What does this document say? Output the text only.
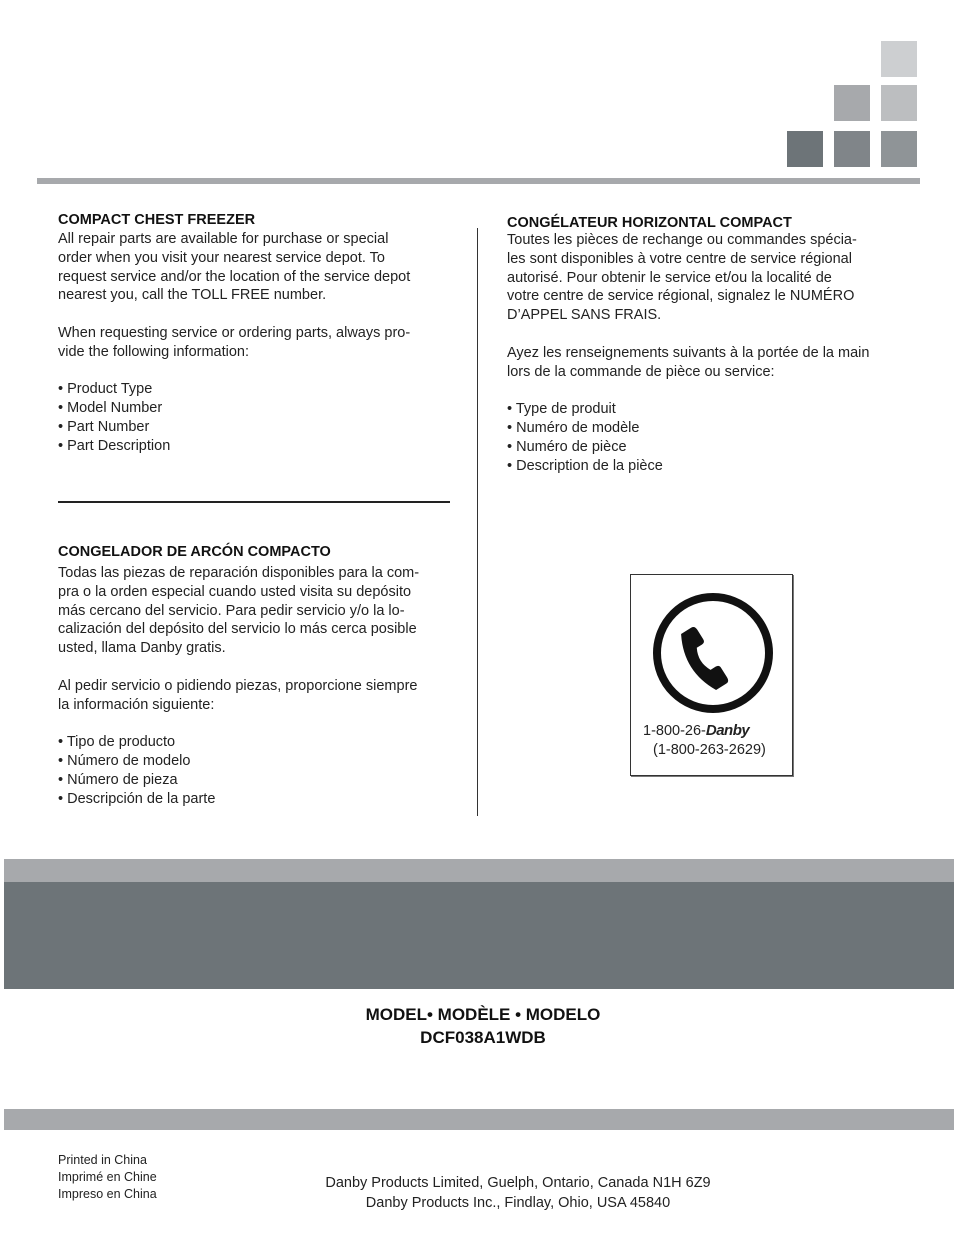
COMPACT CHEST FREEZER
All repair parts are available for purchase or special
order when you visit your nearest service depot. To
request service and/or the location of the service depot
nearest you, call the TOLL FREE number.
When requesting service or ordering parts, always pro-
vide the following information:
• Product Type
• Model Number
• Part Number
• Part Description
CONGELADOR DE ARCÓN COMPACTO
Todas las piezas de reparación disponibles para la com-
pra o la orden especial cuando usted visita su depósito
más cercano del servicio. Para pedir servicio y/o la lo-
calización del depósito del servicio lo más cerca posible
usted, llama Danby gratis.
Al pedir servicio o pidiendo piezas, proporcione siempre
la información siguiente:
• Tipo de producto
• Número de modelo
• Número de pieza
• Descripción de la parte
CONGÉLATEUR HORIZONTAL COMPACT
Toutes les pièces de rechange ou commandes spécia-
les sont disponibles à votre centre de service régional
autorisé. Pour obtenir le service et/ou la localité de
votre centre de service régional, signalez le NUMÉRO
D’APPEL SANS FRAIS.
Ayez les renseignements suivants à la portée de la main
lors de la commande de pièce ou service:
• Type de produit
• Numéro de modèle
• Numéro de pièce
• Description de la pièce
1-800-26-Danby
(1-800-263-2629)
MODEL• MODÈLE • MODELO
DCF038A1WDB
Printed in China
Imprimé en Chine
Impreso en China
Danby Products Limited, Guelph, Ontario, Canada N1H 6Z9
Danby Products Inc., Findlay, Ohio, USA 45840
